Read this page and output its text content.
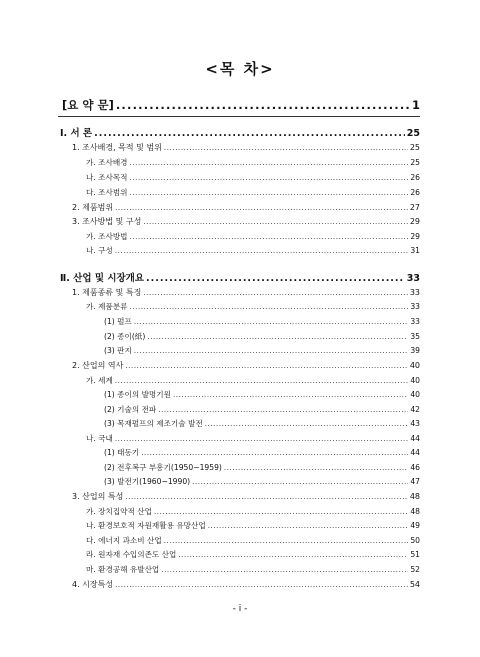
<목 차>
[요 약 문] .....	1
Ⅰ. 서 론 .....	25
1. 조사배경, 목적 및 범위 .....	25
가. 조사배경 .....	25
나. 조사목적 .....	26
다. 조사범위 .....	26
2. 제품범위 .....	27
3. 조사방법 및 구성 .....	29
가. 조사방법 .....	29
나. 구성 .....	31
Ⅱ. 산업 및 시장개요 .....	33
1. 제품종류 및 특징 .....	33
가. 제품분류 .....	33
(1) 펄프 .....	33
(2) 종이(紙) .....	35
(3) 판지 .....	39
2. 산업의 역사 .....	40
가. 세계 .....	40
(1) 종이의 발명기원 .....	40
(2) 기술의 전파 .....	42
(3) 목재펄프의 제조기술 발전 .....	43
나. 국내 .....	44
(1) 태동기 .....	44
(2) 전후복구 부흥기(1950~1959) .....	46
(3) 발전기(1960~1990) .....	47
3. 산업의 특성 .....	48
가. 장치집약적 산업 .....	48
나. 환경보호적 자원재활용 유망산업 .....	49
다. 에너지 과소비 산업 .....	50
라. 원자재 수입의존도 산업 .....	51
마. 환경공해 유발산업 .....	52
4. 시장특성 .....	54
- i -
